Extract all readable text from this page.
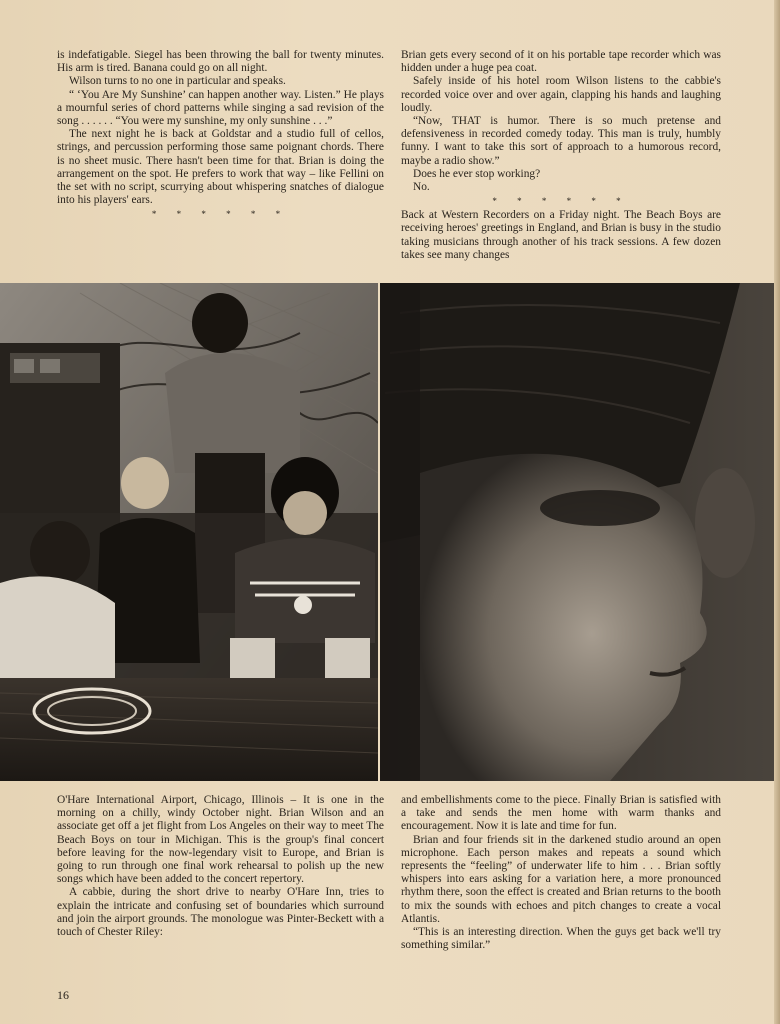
is indefatigable. Siegel has been throwing the ball for twenty minutes. His arm is tired. Banana could go on all night.

Wilson turns to no one in particular and speaks.

“ ‘You Are My Sunshine’ can happen another way. Listen.” He plays a mournful series of chord patterns while singing a sad revision of the song . . . . . . “You were my sunshine, my only sunshine . . .”

The next night he is back at Goldstar and a studio full of cellos, strings, and percussion performing those same poignant chords. There is no sheet music. There hasn't been time for that. Brian is doing the arrangement on the spot. He prefers to work that way – like Fellini on the set with no script, scurrying about whispering snatches of dialogue into his players' ears.

* * * * * *

Brian gets every second of it on his portable tape recorder which was hidden under a huge pea coat.

Safely inside of his hotel room Wilson listens to the cabbie's recorded voice over and over again, clapping his hands and laughing loudly.

“Now, THAT is humor. There is so much pretense and defensiveness in recorded comedy today. This man is truly, humbly funny. I want to take this sort of approach to a humorous record, maybe a radio show.”

Does he ever stop working?

No.

* * * * * *

Back at Western Recorders on a Friday night. The Beach Boys are receiving heroes' greetings in England, and Brian is busy in the studio taking musicians through another of his track sessions. A few dozen takes see many changes

O'Hare International Airport, Chicago, Illinois – It is one in the morning on a chilly, windy October night. Brian Wilson and an associate get off a jet flight from Los Angeles on their way to meet The Beach Boys on tour in Michigan. This is the group's final concert before leaving for the now-legendary visit to Europe, and Brian is going to run through one final work rehearsal to polish up the new songs which have been added to the concert repertory.

A cabbie, during the short drive to nearby O'Hare Inn, tries to explain the intricate and confusing set of boundaries which surround and join the airport grounds. The monologue was Pinter-Beckett with a touch of Chester Riley:

and embellishments come to the piece. Finally Brian is satisfied with a take and sends the men home with warm thanks and encouragement. Now it is late and time for fun.

Brian and four friends sit in the darkened studio around an open microphone. Each person makes and repeats a sound which represents the “feeling” of underwater life to him . . . Brian softly whispers into ears asking for a variation here, a more pronounced rhythm there, soon the effect is created and Brian returns to the booth to mix the sounds with echoes and pitch changes to create a vocal Atlantis.

“This is an interesting direction. When the guys get back we'll try something similar.”

16
